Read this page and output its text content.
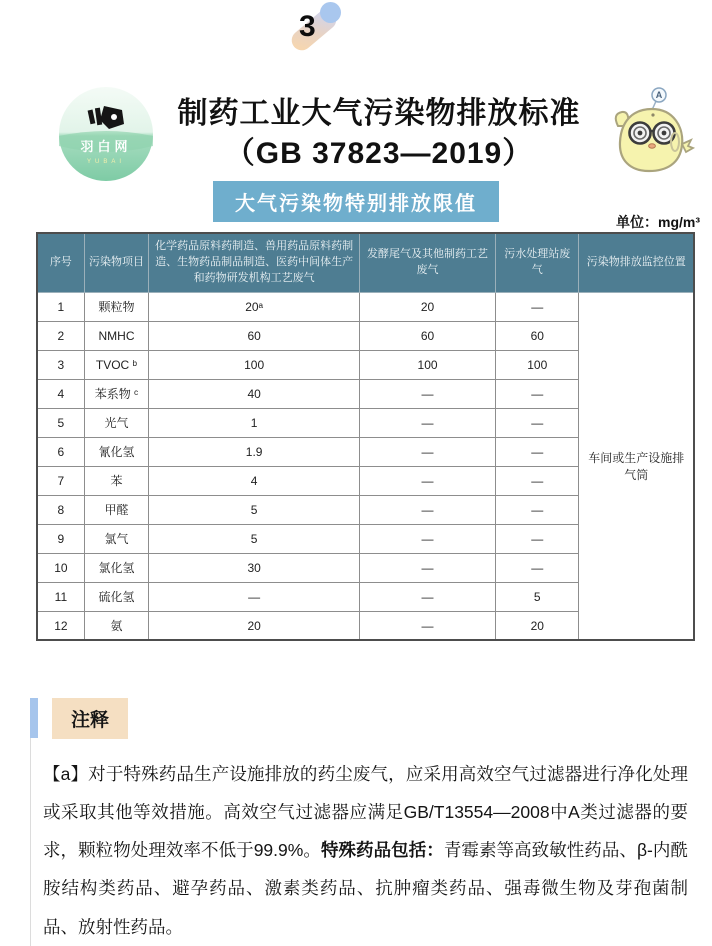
3
羽白网
YUBAI
制药工业大气污染物排放标准
（GB 37823—2019）
A
大气污染物特别排放限值
单位：mg/m³
序号	污染物项目	化学药品原料药制造、兽用药品原料药制造、生物药品制品制造、医药中间体生产和药物研发机构工艺废气	发酵尾气及其他制药工艺废气	污水处理站废气	污染物排放监控位置
1	颗粒物	20ᵃ	20	—	车间或生产设施排气筒
2	NMHC	60	60	60	
3	TVOC ᵇ	100	100	100	
4	苯系物 ᶜ	40	—	—	
5	光气	1	—	—	
6	氰化氢	1.9	—	—	
7	苯	4	—	—	
8	甲醛	5	—	—	
9	氯气	5	—	—	
10	氯化氢	30	—	—	
11	硫化氢	—	—	5	
12	氨	20	—	20	
注释
【a】对于特殊药品生产设施排放的药尘废气，应采用高效空气过滤器进行净化处理或采取其他等效措施。高效空气过滤器应满足GB/T13554—2008中A类过滤器的要求，颗粒物处理效率不低于99.9%。特殊药品包括：青霉素等高致敏性药品、β-内酰胺结构类药品、避孕药品、激素类药品、抗肿瘤类药品、强毒微生物及芽孢菌制品、放射性药品。
